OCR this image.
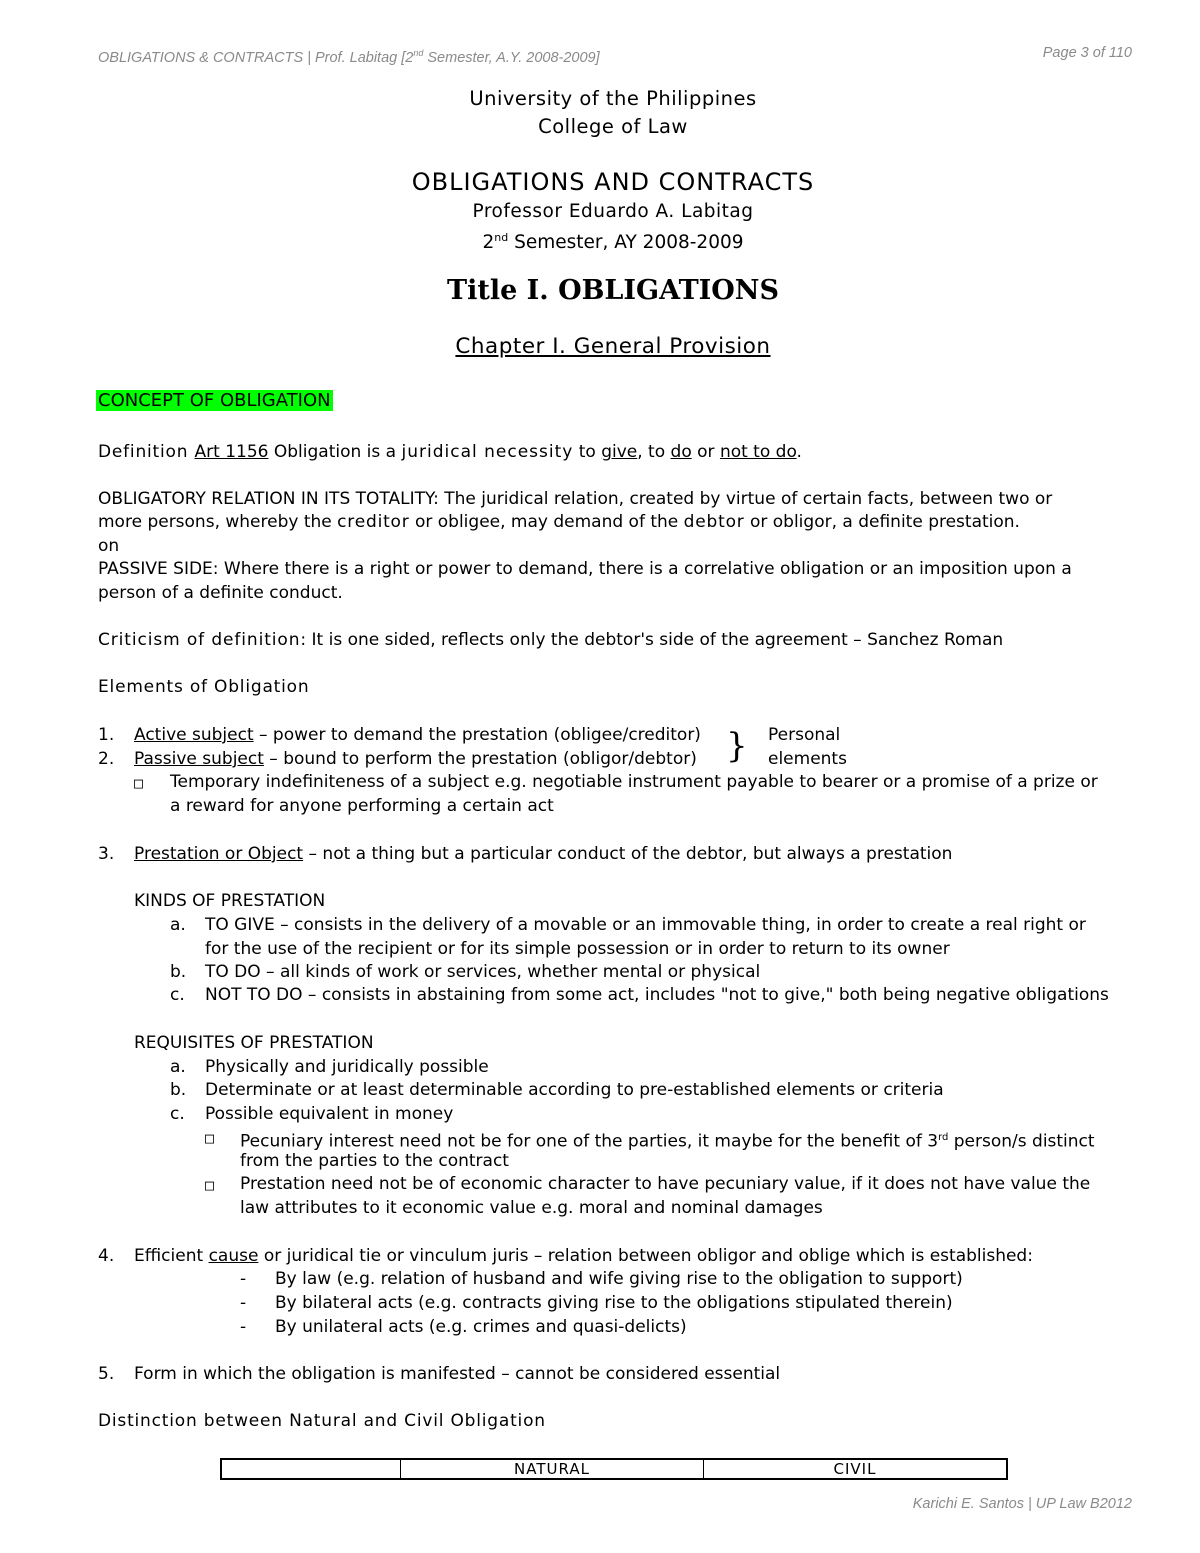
OBLIGATIONS & CONTRACTS | Prof. Labitag [2nd Semester, A.Y. 2008-2009]	Page 3 of 110
University of the Philippines
College of Law
OBLIGATIONS AND CONTRACTS
Professor Eduardo A. Labitag
2nd Semester, AY 2008-2009
Title I. OBLIGATIONS
Chapter I. General Provision
CONCEPT OF OBLIGATION
Definition Art 1156 Obligation is a juridical necessity to give, to do or not to do.
OBLIGATORY RELATION IN ITS TOTALITY: The juridical relation, created by virtue of certain facts, between two or
more persons, whereby the creditor or obligee, may demand of the debtor or obligor, a definite prestation.
on
PASSIVE SIDE: Where there is a right or power to demand, there is a correlative obligation or an imposition upon a
person of a definite conduct.
Criticism of definition: It is one sided, reflects only the debtor's side of the agreement – Sanchez Roman
Elements of Obligation
1. Active subject – power to demand the prestation (obligee/creditor)
2. Passive subject – bound to perform the prestation (obligor/debtor) } Personal
elements
□ Temporary indefiniteness of a subject e.g. negotiable instrument payable to bearer or a promise of a prize or
a reward for anyone performing a certain act
3. Prestation or Object – not a thing but a particular conduct of the debtor, but always a prestation
KINDS OF PRESTATION
a. TO GIVE – consists in the delivery of a movable or an immovable thing, in order to create a real right or
for the use of the recipient or for its simple possession or in order to return to its owner
b. TO DO – all kinds of work or services, whether mental or physical
c. NOT TO DO – consists in abstaining from some act, includes "not to give," both being negative obligations
REQUISITES OF PRESTATION
a. Physically and juridically possible
b. Determinate or at least determinable according to pre-established elements or criteria
c. Possible equivalent in money
□ Pecuniary interest need not be for one of the parties, it maybe for the benefit of 3rd person/s distinct
from the parties to the contract
□ Prestation need not be of economic character to have pecuniary value, if it does not have value the
law attributes to it economic value e.g. moral and nominal damages
4. Efficient cause or juridical tie or vinculum juris – relation between obligor and oblige which is established:
- By law (e.g. relation of husband and wife giving rise to the obligation to support)
- By bilateral acts (e.g. contracts giving rise to the obligations stipulated therein)
- By unilateral acts (e.g. crimes and quasi-delicts)
5. Form in which the obligation is manifested – cannot be considered essential
Distinction between Natural and Civil Obligation
	NATURAL	CIVIL
Karichi E. Santos | UP Law B2012
